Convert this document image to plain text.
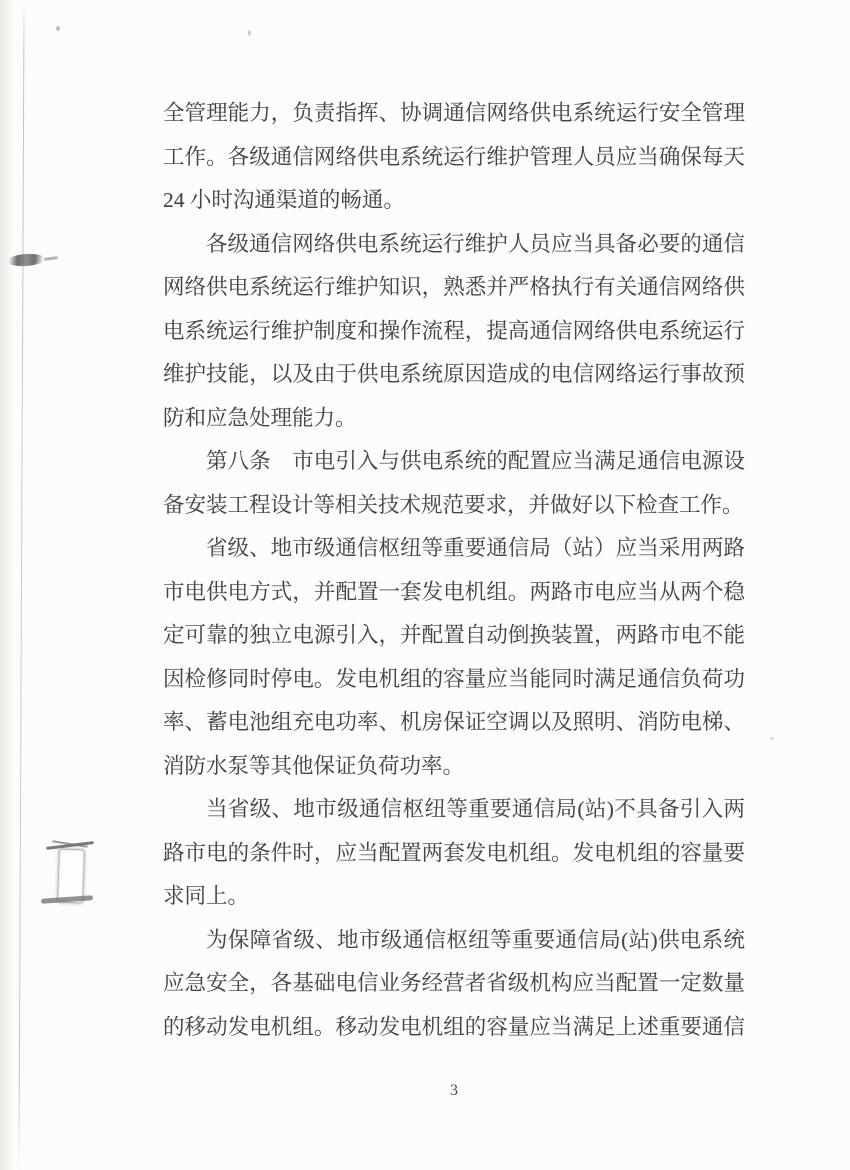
全管理能力，负责指挥、协调通信网络供电系统运行安全管理
工作。各级通信网络供电系统运行维护管理人员应当确保每天
24 小时沟通渠道的畅通。
各级通信网络供电系统运行维护人员应当具备必要的通信
网络供电系统运行维护知识，熟悉并严格执行有关通信网络供
电系统运行维护制度和操作流程，提高通信网络供电系统运行
维护技能，以及由于供电系统原因造成的电信网络运行事故预
防和应急处理能力。
第八条　市电引入与供电系统的配置应当满足通信电源设
备安装工程设计等相关技术规范要求，并做好以下检查工作。
省级、地市级通信枢纽等重要通信局（站）应当采用两路
市电供电方式，并配置一套发电机组。两路市电应当从两个稳
定可靠的独立电源引入，并配置自动倒换装置，两路市电不能
因检修同时停电。发电机组的容量应当能同时满足通信负荷功
率、蓄电池组充电功率、机房保证空调以及照明、消防电梯、
消防水泵等其他保证负荷功率。
当省级、地市级通信枢纽等重要通信局(站)不具备引入两
路市电的条件时，应当配置两套发电机组。发电机组的容量要
求同上。
为保障省级、地市级通信枢纽等重要通信局(站)供电系统
应急安全，各基础电信业务经营者省级机构应当配置一定数量
的移动发电机组。移动发电机组的容量应当满足上述重要通信
3
